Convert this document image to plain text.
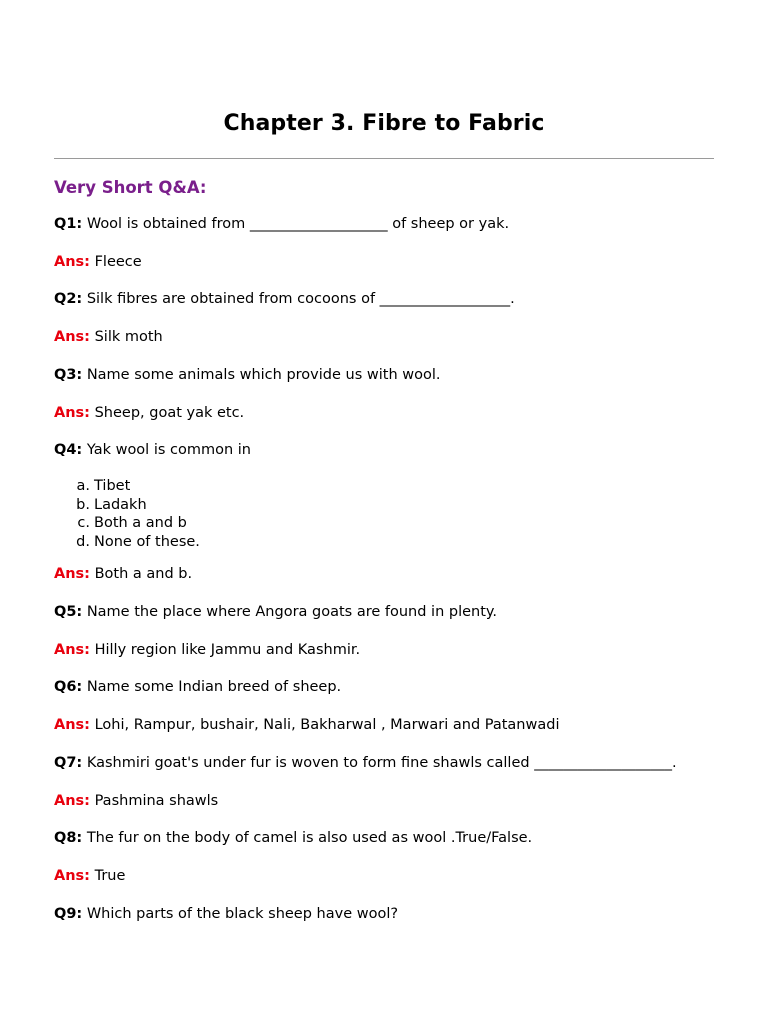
Chapter 3. Fibre to Fabric
Very Short Q&A:
Q1: Wool is obtained from ___________________ of sheep or yak.
Ans: Fleece
Q2: Silk fibres are obtained from cocoons of __________________.
Ans: Silk moth
Q3: Name some animals which provide us with wool.
Ans: Sheep, goat yak etc.
Q4: Yak wool is common in
a. Tibet
b. Ladakh
c. Both a and b
d. None of these.
Ans: Both a and b.
Q5: Name the place where Angora goats are found in plenty.
Ans: Hilly region like Jammu and Kashmir.
Q6: Name some Indian breed of sheep.
Ans: Lohi, Rampur, bushair, Nali, Bakharwal , Marwari and Patanwadi
Q7: Kashmiri goat's under fur is woven to form fine shawls called ___________________.
Ans: Pashmina shawls
Q8: The fur on the body of camel is also used as wool .True/False.
Ans: True
Q9: Which parts of the black sheep have wool?
